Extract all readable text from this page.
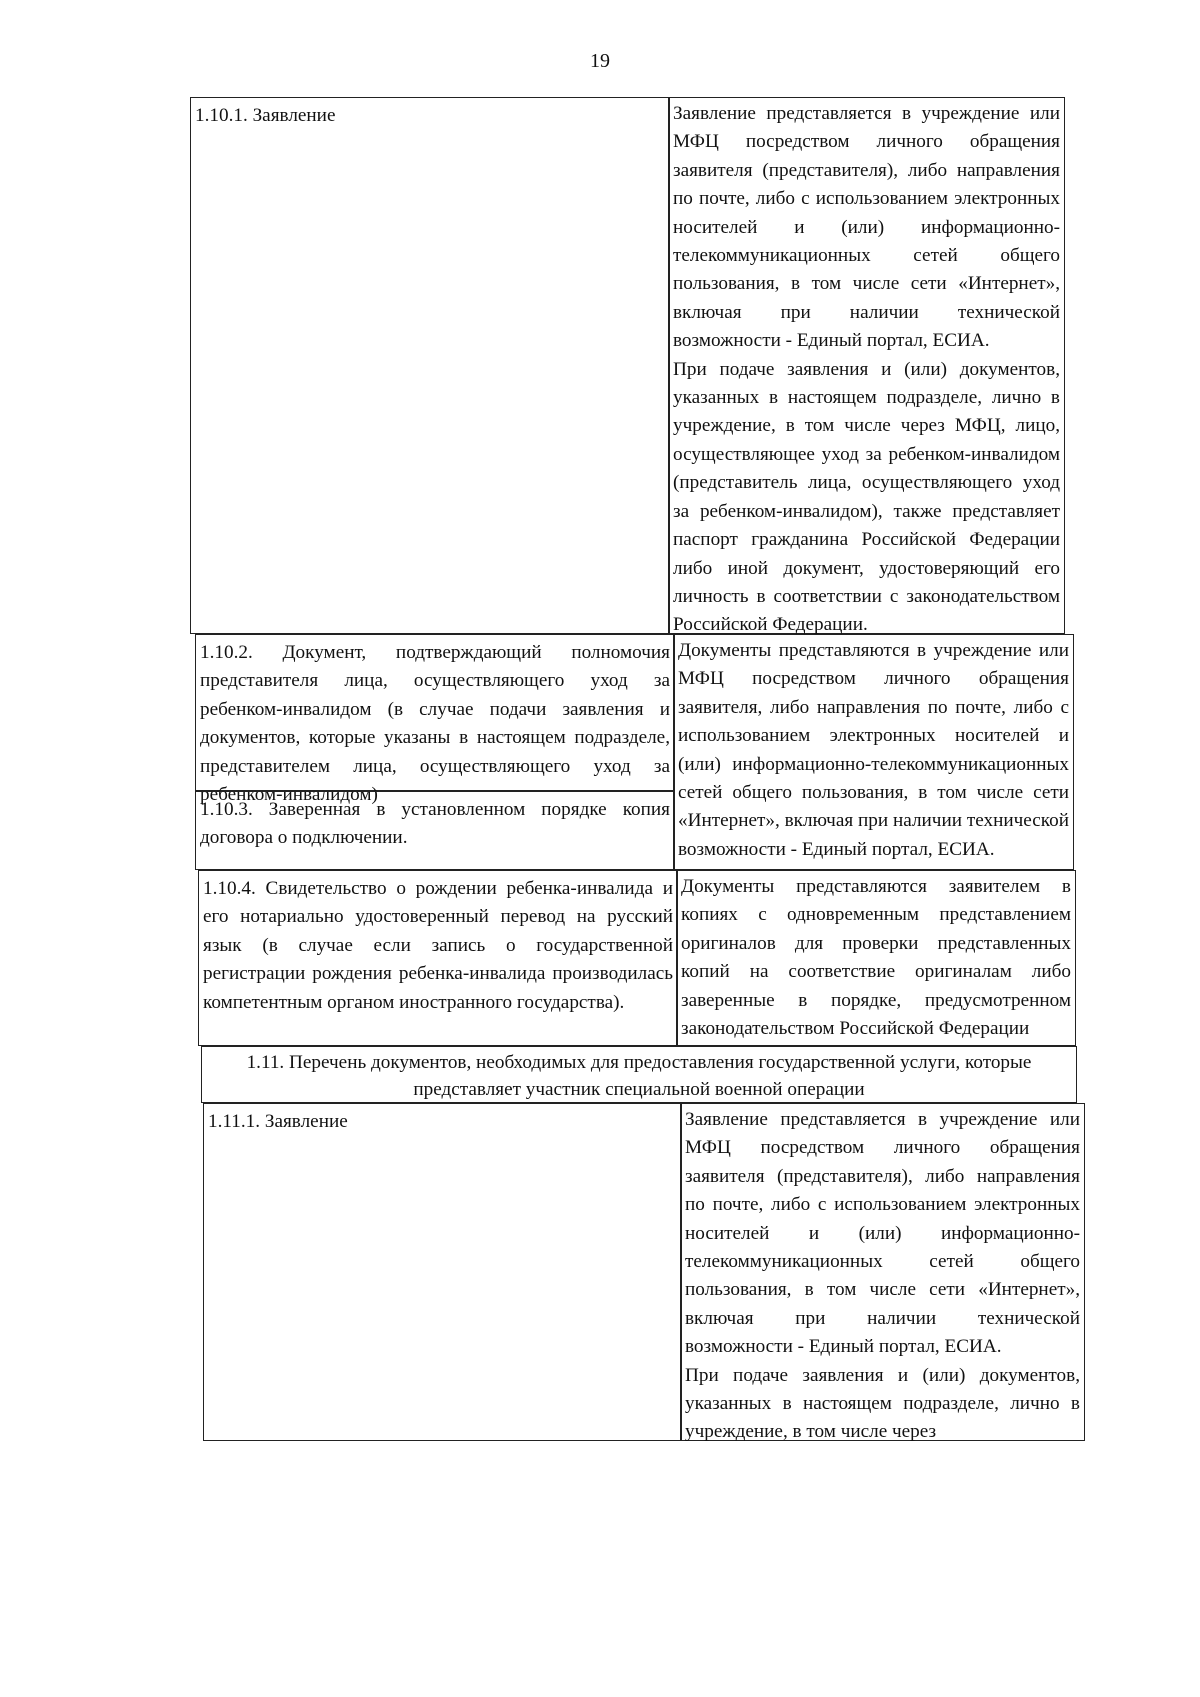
19

1.10.1. Заявление	Заявление представляется в учреждение или МФЦ посредством личного обращения заявителя (представителя), либо направления по почте, либо с использованием электронных носителей и (или) информационно-телекоммуникационных сетей общего пользования, в том числе сети «Интернет», включая при наличии технической возможности - Единый портал, ЕСИА.

При подаче заявления и (или) документов, указанных в настоящем подразделе, лично в учреждение, в том числе через МФЦ, лицо, осуществляющее уход за ребенком-инвалидом (представитель лица, осуществляющего уход за ребенком-инвалидом), также представляет паспорт гражданина Российской Федерации либо иной документ, удостоверяющий его личность в соответствии с законодательством Российской Федерации.

1.10.2. Документ, подтверждающий полномочия представителя лица, осуществляющего уход за ребенком-инвалидом (в случае подачи заявления и документов, которые указаны в настоящем подразделе, представителем лица, осуществляющего уход за ребенком-инвалидом)

1.10.3. Заверенная в установленном порядке копия договора о подключении.

Документы представляются в учреждение или МФЦ посредством личного обращения заявителя, либо направления по почте, либо с использованием электронных носителей и (или) информационно-телекоммуникационных сетей общего пользования, в том числе сети «Интернет», включая при наличии технической возможности - Единый портал, ЕСИА.

1.10.4. Свидетельство о рождении ребенка-инвалида и его нотариально удостоверенный перевод на русский язык (в случае если запись о государственной регистрации рождения ребенка-инвалида производилась компетентным органом иностранного государства).

Документы представляются заявителем в копиях с одновременным представлением оригиналов для проверки представленных копий на соответствие оригиналам либо заверенные в порядке, предусмотренном законодательством Российской Федерации

1.11. Перечень документов, необходимых для предоставления государственной услуги, которые представляет участник специальной военной операции

1.11.1. Заявление	Заявление представляется в учреждение или МФЦ посредством личного обращения заявителя (представителя), либо направления по почте, либо с использованием электронных носителей и (или) информационно-телекоммуникационных сетей общего пользования, в том числе сети «Интернет», включая при наличии технической возможности - Единый портал, ЕСИА.

При подаче заявления и (или) документов, указанных в настоящем подразделе, лично в учреждение, в том числе через
